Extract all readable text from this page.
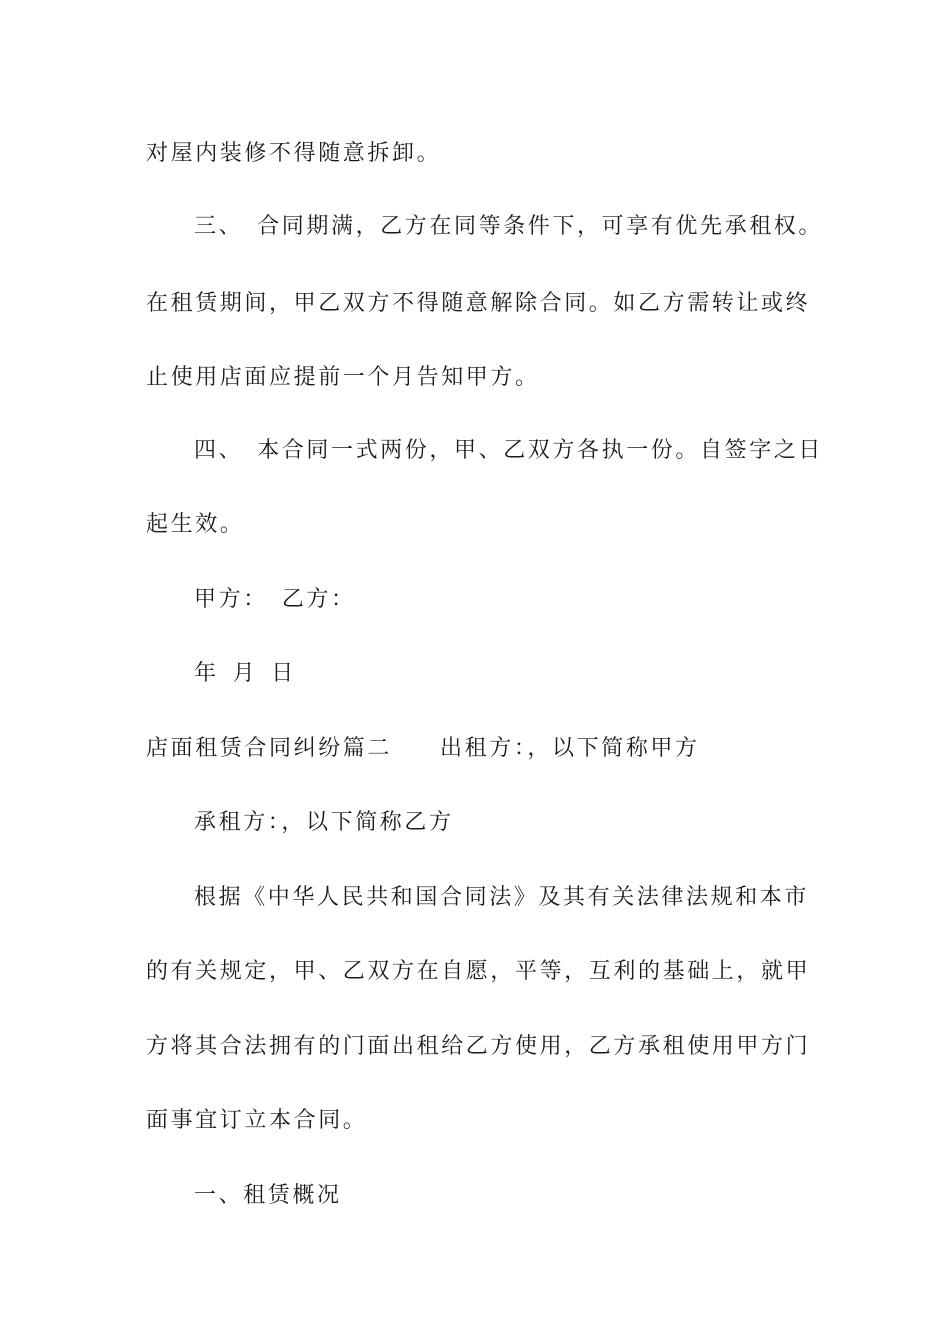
对屋内装修不得随意拆卸。
三、 合同期满，乙方在同等条件下，可享有优先承租权。
在租赁期间，甲乙双方不得随意解除合同。如乙方需转让或终
止使用店面应提前一个月告知甲方。
四、 本合同一式两份，甲、乙双方各执一份。自签字之日
起生效。
甲方： 乙方：
年 月 日
店面租赁合同纠纷篇二 出租方：，以下简称甲方
承租方：，以下简称乙方
根据《中华人民共和国合同法》及其有关法律法规和本市
的有关规定，甲、乙双方在自愿，平等，互利的基础上，就甲
方将其合法拥有的门面出租给乙方使用，乙方承租使用甲方门
面事宜订立本合同。
一、租赁概况
